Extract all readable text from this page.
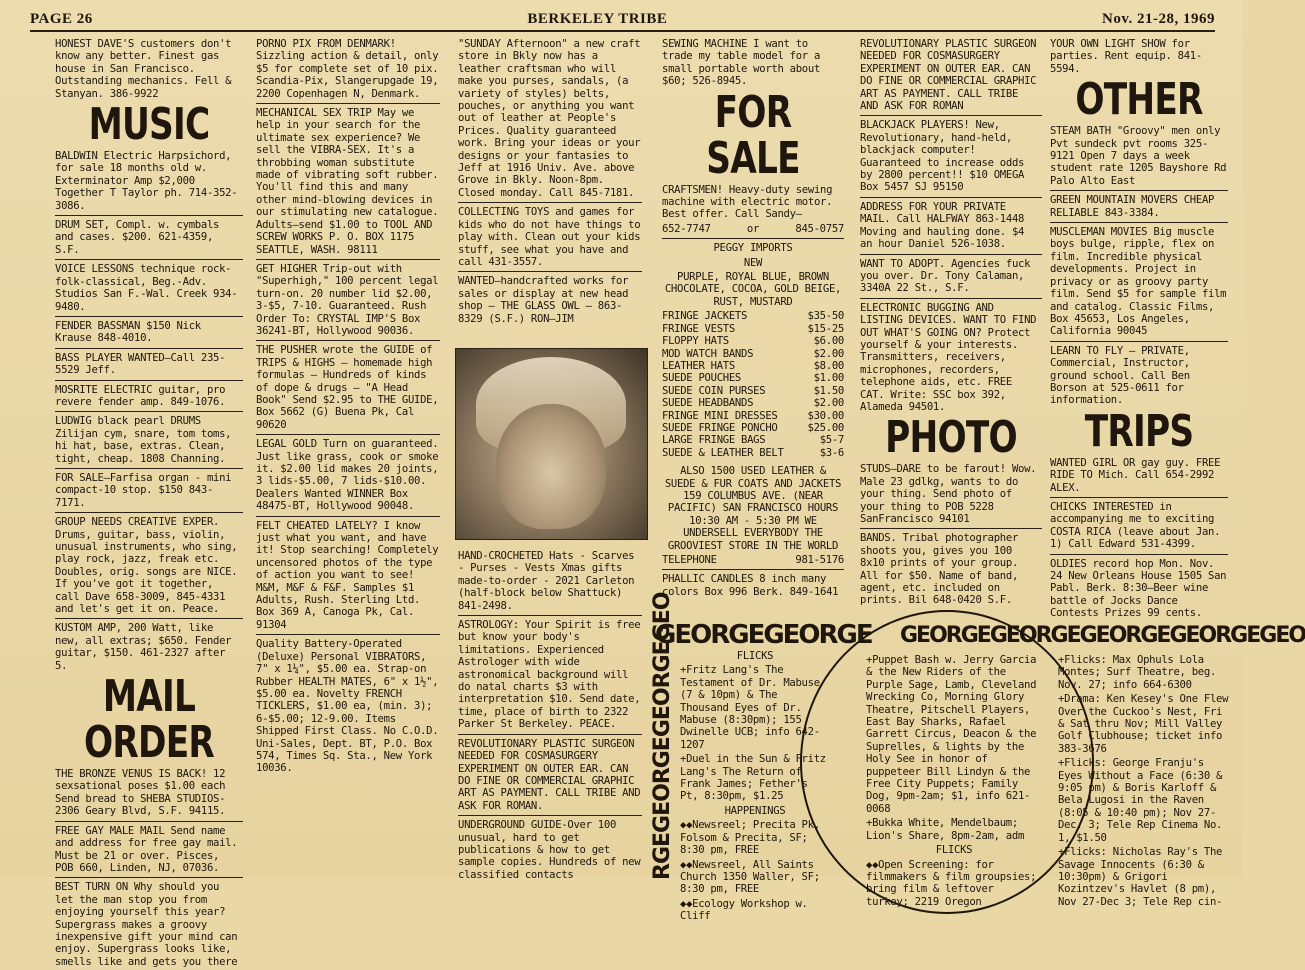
PAGE 26	BERKELEY TRIBE	Nov. 21-28, 1969

HONEST DAVE'S customers don't know any better. Finest gas house in San Francisco. Outstanding mechanics. Fell & Stanyan. 386-9922

MUSIC

BALDWIN Electric Harpsichord, for sale 18 months old w. Exterminator Amp $2,000 Together T Taylor ph. 714-352-3086.

DRUM SET, Compl. w. cymbals and cases. $200. 621-4359, S.F.

VOICE LESSONS technique rock-folk-classical, Beg.-Adv. Studios San F.-Wal. Creek 934-9480.

FENDER BASSMAN $150 Nick Krause 848-4010.

BASS PLAYER WANTED—Call 235-5529 Jeff.

MOSRITE ELECTRIC guitar, pro revere fender amp. 849-1076.

LUDWIG black pearl DRUMS Zilijan cym, snare, tom toms, hi hat, base, extras. Clean, tight, cheap. 1808 Channing.

FOR SALE—Farfisa organ - mini compact-10 stop. $150 843-7171.

GROUP NEEDS CREATIVE EXPER. Drums, guitar, bass, violin, unusual instruments, who sing, play rock, jazz, freak etc. Doubles, orig. songs are NICE. If you've got it together, call Dave 658-3009, 845-4331 and let's get it on. Peace.

KUSTOM AMP, 200 Watt, like new, all extras; $650. Fender guitar, $150. 461-2327 after 5.

MAIL ORDER

THE BRONZE VENUS IS BACK! 12 sexsational poses $1.00 each Send bread to SHEBA STUDIOS-2306 Geary Blvd, S.F. 94115.

FREE GAY MALE MAIL Send name and address for free gay mail. Must be 21 or over. Pisces, POB 660, Linden, NJ, 07036.

BEST TURN ON Why should you let the man stop you from enjoying yourself this year? Supergrass makes a groovy inexpensive gift your mind can enjoy. Supergrass looks like, smells like and gets you there

PORNO PIX FROM DENMARK! Sizzling action & detail, only $5 for complete set of 10 pix. Scandia-Pix, Slangerupgade 19, 2200 Copenhagen N, Denmark.

MECHANICAL SEX TRIP May we help in your search for the ultimate sex experience? We sell the VIBRA-SEX. It's a throbbing woman substitute made of vibrating soft rubber. You'll find this and many other mind-blowing devices in our stimulating new catalogue. Adults—send $1.00 to TOOL AND SCREW WORKS P. O. BOX 1175 SEATTLE, WASH. 98111

GET HIGHER Trip-out with "Superhigh," 100 percent legal turn-on. 20 number lid $2.00, 3-$5, 7-10. Guaranteed. Rush Order To: CRYSTAL IMP'S Box 36241-BT, Hollywood 90036.

THE PUSHER wrote the GUIDE of TRIPS & HIGHS — homemade high formulas — Hundreds of kinds of dope & drugs — "A Head Book" Send $2.95 to THE GUIDE, Box 5662 (G) Buena Pk, Cal 90620

LEGAL GOLD Turn on guaranteed. Just like grass, cook or smoke it. $2.00 lid makes 20 joints, 3 lids-$5.00, 7 lids-$10.00. Dealers Wanted WINNER Box 48475-BT, Hollywood 90048.

FELT CHEATED LATELY? I know just what you want, and have it! Stop searching! Completely uncensored photos of the type of action you want to see! M&M, M&F & F&F. Samples $1 Adults, Rush. Sterling Ltd. Box 369 A, Canoga Pk, Cal. 91304

Quality Battery-Operated (Deluxe) Personal VIBRATORS, 7" x 1¼", $5.00 ea. Strap-on Rubber HEALTH MATES, 6" x 1½", $5.00 ea. Novelty FRENCH TICKLERS, $1.00 ea, (min. 3); 6-$5.00; 12-9.00. Items Shipped First Class. No C.O.D. Uni-Sales, Dept. BT, P.O. Box 574, Times Sq. Sta., New York 10036.

"SUNDAY Afternoon" a new craft store in Bkly now has a leather craftsman who will make you purses, sandals, (a variety of styles) belts, pouches, or anything you want out of leather at People's Prices. Quality guaranteed work. Bring your ideas or your designs or your fantasies to Jeff at 1916 Univ. Ave. above Grove in Bkly. Noon-8pm. Closed monday. Call 845-7181.

COLLECTING TOYS and games for kids who do not have things to play with. Clean out your kids stuff, see what you have and call 431-3557.

WANTED—handcrafted works for sales or display at new head shop — THE GLASS OWL — 863-8329 (S.F.) RON—JIM

HAND-CROCHETED Hats - Scarves - Purses - Vests Xmas gifts made-to-order - 2021 Carleton (half-block below Shattuck) 841-2498.

ASTROLOGY: Your Spirit is free but know your body's limitations. Experienced Astrologer with wide astronomical background will do natal charts $3 with interpretation $10. Send date, time, place of birth to 2322 Parker St Berkeley. PEACE.

REVOLUTIONARY PLASTIC SURGEON NEEDED FOR COSMASURGERY EXPERIMENT ON OUTER EAR. CAN DO FINE OR COMMERCIAL GRAPHIC ART AS PAYMENT. CALL TRIBE AND ASK FOR ROMAN.

UNDERGROUND GUIDE-Over 100 unusual, hard to get publications & how to get sample copies. Hundreds of new classified contacts

SEWING MACHINE I want to trade my table model for a small portable worth about $60; 526-8945.

FOR SALE

CRAFTSMEN! Heavy-duty sewing machine with electric motor. Best offer. Call Sandy—

652-7747	or	845-0757

PEGGY IMPORTS

NEW

PURPLE, ROYAL BLUE, BROWN CHOCOLATE, COCOA, GOLD BEIGE, RUST, MUSTARD

FRINGE JACKETS	$35-50

FRINGE VESTS	$15-25

FLOPPY HATS	$6.00

MOD WATCH BANDS	$2.00

LEATHER HATS	$8.00

SUEDE POUCHES	$1.00

SUEDE COIN PURSES	$1.50

SUEDE HEADBANDS	$2.00

FRINGE MINI DRESSES	$30.00

SUEDE FRINGE PONCHO	$25.00

LARGE FRINGE BAGS	$5-7

SUEDE & LEATHER BELT	$3-6

ALSO 1500 USED LEATHER & SUEDE & FUR COATS AND JACKETS 159 COLUMBUS AVE. (NEAR PACIFIC) SAN FRANCISCO HOURS 10:30 AM - 5:30 PM WE UNDERSELL EVERYBODY THE GROOVIEST STORE IN THE WORLD

TELEPHONE	981-5176

PHALLIC CANDLES 8 inch many colors Box 996 Berk. 849-1641

REVOLUTIONARY PLASTIC SURGEON NEEDED FOR COSMASURGERY EXPERIMENT ON OUTER EAR. CAN DO FINE OR COMMERCIAL GRAPHIC ART AS PAYMENT. CALL TRIBE AND ASK FOR ROMAN

BLACKJACK PLAYERS! New, Revolutionary, hand-held, blackjack computer! Guaranteed to increase odds by 2800 percent!! $10 OMEGA Box 5457 SJ 95150

ADDRESS FOR YOUR PRIVATE MAIL. Call HALFWAY 863-1448 Moving and hauling done. $4 an hour Daniel 526-1038.

WANT TO ADOPT. Agencies fuck you over. Dr. Tony Calaman, 3340A 22 St., S.F.

ELECTRONIC BUGGING AND LISTING DEVICES. WANT TO FIND OUT WHAT'S GOING ON? Protect yourself & your interests. Transmitters, receivers, microphones, recorders, telephone aids, etc. FREE CAT. Write: SSC box 392, Alameda 94501.

PHOTO

STUDS—DARE to be farout! Wow. Male 23 gdlkg, wants to do your thing. Send photo of your thing to POB 5228 SanFrancisco 94101

BANDS. Tribal photographer shoots you, gives you 100 8x10 prints of your group. All for $50. Name of band, agent, etc. included on prints. Bil 648-0420 S.F.

YOUR OWN LIGHT SHOW for parties. Rent equip. 841-5594.

OTHER

STEAM BATH "Groovy" men only Pvt sundeck pvt rooms 325-9121 Open 7 days a week student rate 1205 Bayshore Rd Palo Alto East

GREEN MOUNTAIN MOVERS CHEAP RELIABLE 843-3384.

MUSCLEMAN MOVIES Big muscle boys bulge, ripple, flex on film. Incredible physical developments. Project in privacy or as groovy party film. Send $5 for sample film and catalog. Classic Films, Box 45653, Los Angeles, California 90045

LEARN TO FLY — PRIVATE, Commercial, Instructor, ground school. Call Ben Borson at 525-0611 for information.

TRIPS

WANTED GIRL OR gay guy. FREE RIDE TO Mich. Call 654-2992 ALEX.

CHICKS INTERESTED in accompanying me to exciting COSTA RICA (leave about Jan. 1) Call Edward 531-4399.

OLDIES record hop Mon. Nov. 24 New Orleans House 1505 San Pabl. Berk. 8:30—Beer wine battle of Jocks Dance Contests Prizes 99 cents.

GEORGEGEORGE GEORGEGEORGEGEORGEGEORGEGEO
RGEGEORGEGEORGEGEO	FLICKS

+Fritz Lang's The Testament of Dr. Mabuse (7 & 10pm) & The Thousand Eyes of Dr. Mabuse (8:30pm); 155 Dwinelle UCB; info 642-1207

+Duel in the Sun & Fritz Lang's The Return of Frank James; Fether's Pt, 8:30pm, $1.25

HAPPENINGS

◆◆Newsreel; Precita Pk, Folsom & Precita, SF; 8:30 pm, FREE

◆◆Newsreel, All Saints Church 1350 Waller, SF; 8:30 pm, FREE

◆◆Ecology Workshop w. Cliff

+Puppet Bash w. Jerry Garcia & the New Riders of the Purple Sage, Lamb, Cleveland Wrecking Co, Morning Glory Theatre, Pitschell Players, East Bay Sharks, Rafael Garrett Circus, Deacon & the Suprelles, & lights by the Holy See in honor of puppeteer Bill Lindyn & the Free City Puppets; Family Dog, 9pm-2am; $1, info 621-0068

+Bukka White, Mendelbaum; Lion's Share, 8pm-2am, adm

FLICKS

◆◆Open Screening: for filmmakers & film groupsies; bring film & leftover turkey; 2219 Oregon

+Flicks: Max Ophuls Lola Montes; Surf Theatre, beg. Nov. 27; info 664-6300

+Drama: Ken Kesey's One Flew Over the Cuckoo's Nest, Fri & Sat thru Nov; Mill Valley Golf Clubhouse; ticket info 383-3676

+Flicks: George Franju's Eyes Without a Face (6:30 & 9:05 pm) & Boris Karloff & Bela Lugosi in the Raven (8:05 & 10:40 pm); Nov 27-Dec. 3; Tele Rep Cinema No. 1, $1.50

+Flicks: Nicholas Ray's The Savage Innocents (6:30 & 10:30pm) & Grigori Kozintzev's Havlet (8 pm), Nov 27-Dec 3; Tele Rep cin-
